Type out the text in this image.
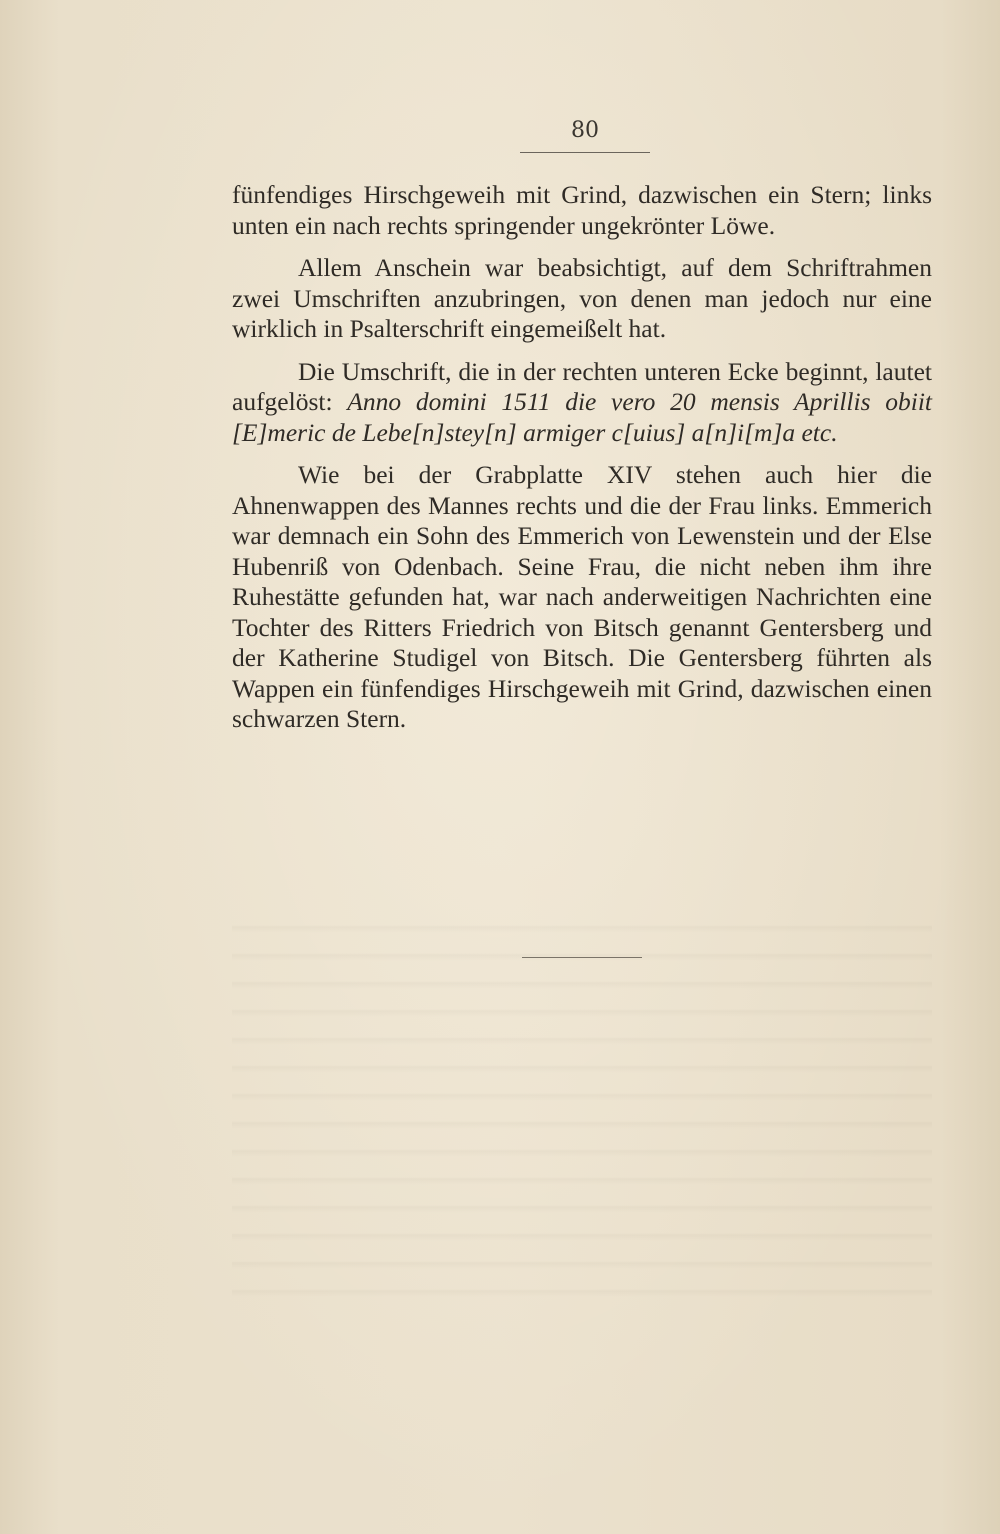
80

fünfendiges Hirschgeweih mit Grind, dazwischen ein Stern; links unten ein nach rechts springender ungekrönter Löwe.

Allem Anschein war beabsichtigt, auf dem Schriftrahmen zwei Umschriften anzubringen, von denen man jedoch nur eine wirklich in Psalterschrift eingemeißelt hat.

Die Umschrift, die in der rechten unteren Ecke beginnt, lautet aufgelöst: Anno domini 1511 die vero 20 mensis Aprillis obiit [E]meric de Lebe[n]stey[n] armiger c[uius] a[n]i[m]a etc.

Wie bei der Grabplatte XIV stehen auch hier die Ahnenwappen des Mannes rechts und die der Frau links. Emmerich war demnach ein Sohn des Emmerich von Lewenstein und der Else Hubenriß von Odenbach. Seine Frau, die nicht neben ihm ihre Ruhestätte gefunden hat, war nach anderweitigen Nachrichten eine Tochter des Ritters Friedrich von Bitsch genannt Gentersberg und der Katherine Studigel von Bitsch. Die Gentersberg führten als Wappen ein fünfendiges Hirschgeweih mit Grind, dazwischen einen schwarzen Stern.
